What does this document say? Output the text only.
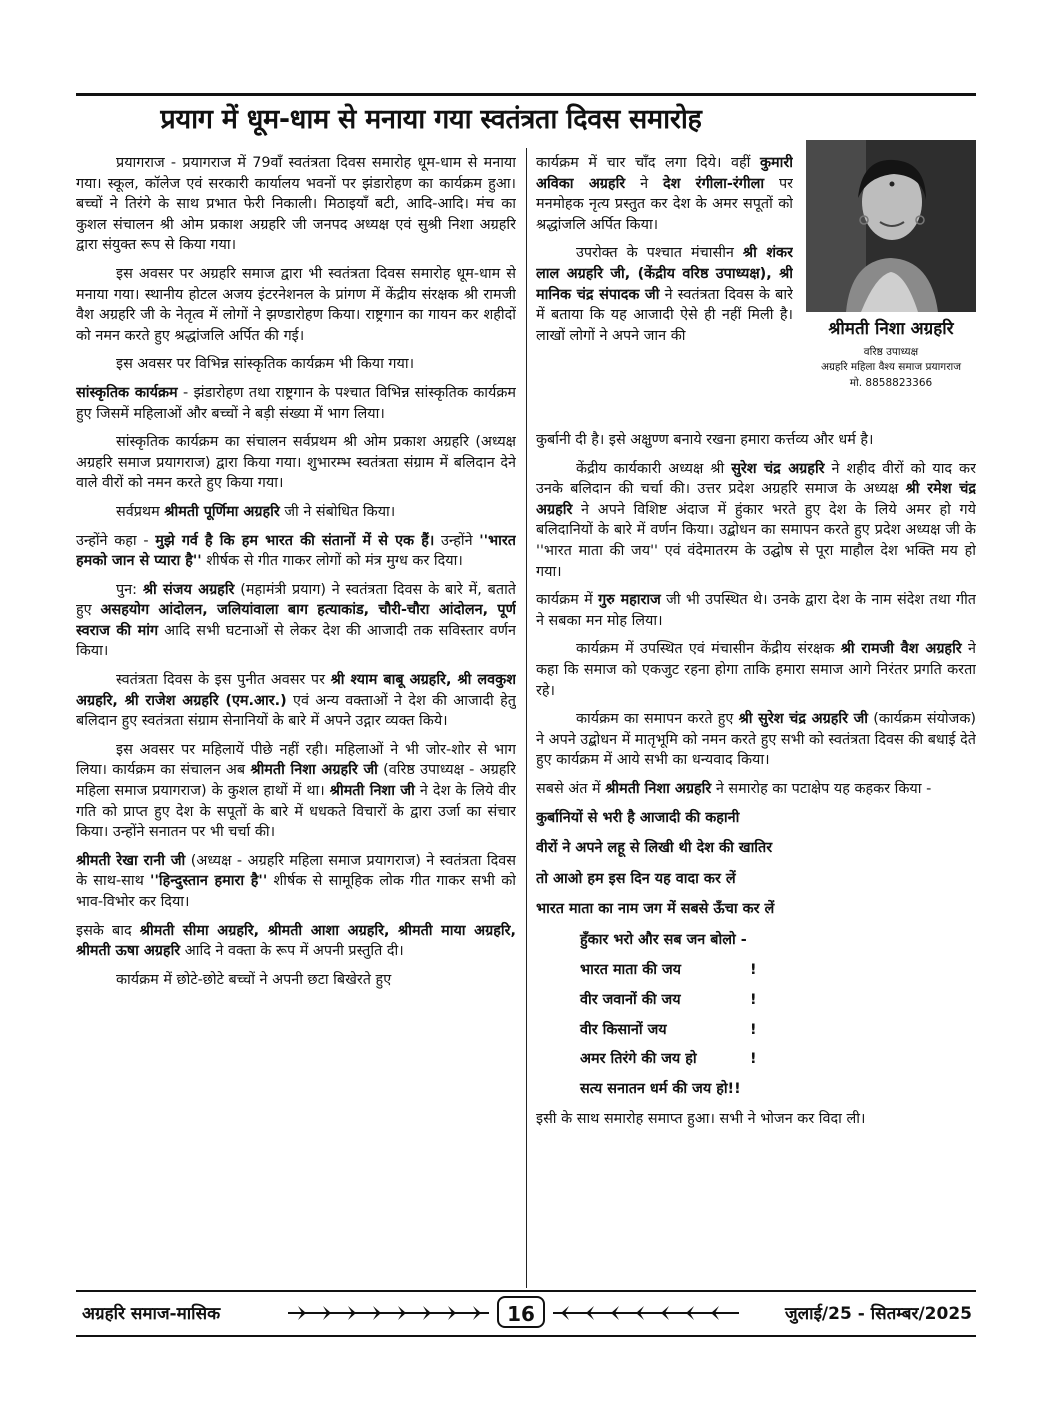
प्रयाग में धूम-धाम से मनाया गया स्वतंत्रता दिवस समारोह

प्रयागराज - प्रयागराज में 79वाँ स्वतंत्रता दिवस समारोह धूम-धाम से मनाया गया। स्कूल, कॉलेज एवं सरकारी कार्यालय भवनों पर झंडारोहण का कार्यक्रम हुआ। बच्चों ने तिरंगे के साथ प्रभात फेरी निकाली। मिठाइयाँ बटी, आदि-आदि। मंच का कुशल संचालन श्री ओम प्रकाश अग्रहरि जी जनपद अध्यक्ष एवं सुश्री निशा अग्रहरि द्वारा संयुक्त रूप से किया गया।

इस अवसर पर अग्रहरि समाज द्वारा भी स्वतंत्रता दिवस समारोह धूम-धाम से मनाया गया। स्थानीय होटल अजय इंटरनेशनल के प्रांगण में केंद्रीय संरक्षक श्री रामजी वैश अग्रहरि जी के नेतृत्व में लोगों ने झण्डारोहण किया। राष्ट्रगान का गायन कर शहीदों को नमन करते हुए श्रद्धांजलि अर्पित की गई।

इस अवसर पर विभिन्न सांस्कृतिक कार्यक्रम भी किया गया।

सांस्कृतिक कार्यक्रम - झंडारोहण तथा राष्ट्रगान के पश्चात विभिन्न सांस्कृतिक कार्यक्रम हुए जिसमें महिलाओं और बच्चों ने बड़ी संख्या में भाग लिया।

सांस्कृतिक कार्यक्रम का संचालन सर्वप्रथम श्री ओम प्रकाश अग्रहरि (अध्यक्ष अग्रहरि समाज प्रयागराज) द्वारा किया गया। शुभारम्भ स्वतंत्रता संग्राम में बलिदान देने वाले वीरों को नमन करते हुए किया गया।

सर्वप्रथम श्रीमती पूर्णिमा अग्रहरि जी ने संबोधित किया।

उन्होंने कहा - मुझे गर्व है कि हम भारत की संतानों में से एक हैं। उन्होंने ''भारत हमको जान से प्यारा है'' शीर्षक से गीत गाकर लोगों को मंत्र मुग्ध कर दिया।

पुन: श्री संजय अग्रहरि (महामंत्री प्रयाग) ने स्वतंत्रता दिवस के बारे में, बताते हुए असहयोग आंदोलन, जलियांवाला बाग हत्याकांड, चौरी-चौरा आंदोलन, पूर्ण स्वराज की मांग आदि सभी घटनाओं से लेकर देश की आजादी तक सविस्तार वर्णन किया।

स्वतंत्रता दिवस के इस पुनीत अवसर पर श्री श्याम बाबू अग्रहरि, श्री लवकुश अग्रहरि, श्री राजेश अग्रहरि (एम.आर.) एवं अन्य वक्ताओं ने देश की आजादी हेतु बलिदान हुए स्वतंत्रता संग्राम सेनानियों के बारे में अपने उद्गार व्यक्त किये।

इस अवसर पर महिलायें पीछे नहीं रही। महिलाओं ने भी जोर-शोर से भाग लिया। कार्यक्रम का संचालन अब श्रीमती निशा अग्रहरि जी (वरिष्ठ उपाध्यक्ष - अग्रहरि महिला समाज प्रयागराज) के कुशल हाथों में था। श्रीमती निशा जी ने देश के लिये वीर गति को प्राप्त हुए देश के सपूतों के बारे में धधकते विचारों के द्वारा उर्जा का संचार किया। उन्होंने सनातन पर भी चर्चा की।

श्रीमती रेखा रानी जी (अध्यक्ष - अग्रहरि महिला समाज प्रयागराज) ने स्वतंत्रता दिवस के साथ-साथ ''हिन्दुस्तान हमारा है'' शीर्षक से सामूहिक लोक गीत गाकर सभी को भाव-विभोर कर दिया।

इसके बाद श्रीमती सीमा अग्रहरि, श्रीमती आशा अग्रहरि, श्रीमती माया अग्रहरि, श्रीमती ऊषा अग्रहरि आदि ने वक्ता के रूप में अपनी प्रस्तुति दी।

कार्यक्रम में छोटे-छोटे बच्चों ने अपनी छटा बिखेरते हुए

कार्यक्रम में चार चाँद लगा दिये। वहीं कुमारी अविका अग्रहरि ने देश रंगीला-रंगीला पर मनमोहक नृत्य प्रस्तुत कर देश के अमर सपूतों को श्रद्धांजलि अर्पित किया।

उपरोक्त के पश्चात मंचासीन श्री शंकर लाल अग्रहरि जी, (केंद्रीय वरिष्ठ उपाध्यक्ष), श्री मानिक चंद्र संपादक जी ने स्वतंत्रता दिवस के बारे में बताया कि यह आजादी ऐसे ही नहीं मिली है। लाखों लोगों ने अपने जान की	श्रीमती निशा अग्रहरि
वरिष्ठ उपाध्यक्ष
अग्रहरि महिला वैश्य समाज प्रयागराज
मो. 8858823366

कुर्बानी दी है। इसे अक्षुण्ण बनाये रखना हमारा कर्त्तव्य और धर्म है।

केंद्रीय कार्यकारी अध्यक्ष श्री सुरेश चंद्र अग्रहरि ने शहीद वीरों को याद कर उनके बलिदान की चर्चा की। उत्तर प्रदेश अग्रहरि समाज के अध्यक्ष श्री रमेश चंद्र अग्रहरि ने अपने विशिष्ट अंदाज में हुंकार भरते हुए देश के लिये अमर हो गये बलिदानियों के बारे में वर्णन किया। उद्बोधन का समापन करते हुए प्रदेश अध्यक्ष जी के ''भारत माता की जय'' एवं वंदेमातरम के उद्घोष से पूरा माहौल देश भक्ति मय हो गया।

कार्यक्रम में गुरु महाराज जी भी उपस्थित थे। उनके द्वारा देश के नाम संदेश तथा गीत ने सबका मन मोह लिया।

कार्यक्रम में उपस्थित एवं मंचासीन केंद्रीय संरक्षक श्री रामजी वैश अग्रहरि ने कहा कि समाज को एकजुट रहना होगा ताकि हमारा समाज आगे निरंतर प्रगति करता रहे।

कार्यक्रम का समापन करते हुए श्री सुरेश चंद्र अग्रहरि जी (कार्यक्रम संयोजक) ने अपने उद्बोधन में मातृभूमि को नमन करते हुए सभी को स्वतंत्रता दिवस की बधाई देते हुए कार्यक्रम में आये सभी का धन्यवाद किया।

सबसे अंत में श्रीमती निशा अग्रहरि ने समारोह का पटाक्षेप यह कहकर किया -

कुर्बानियों से भरी है आजादी की कहानी
वीरों ने अपने लहू से लिखी थी देश की खातिर
तो आओ हम इस दिन यह वादा कर लें
भारत माता का नाम जग में सबसे ऊँचा कर लें
हुँकार भरो और सब जन बोलो -
भारत माता की जय	!
वीर जवानों की जय	!
वीर किसानों जय	!
अमर तिरंगे की जय हो	!
सत्य सनातन धर्म की जय हो!!

इसी के साथ समारोह समाप्त हुआ। सभी ने भोजन कर विदा ली।

अग्रहरि समाज-मासिक	16	जुलाई/25 - सितम्बर/2025
